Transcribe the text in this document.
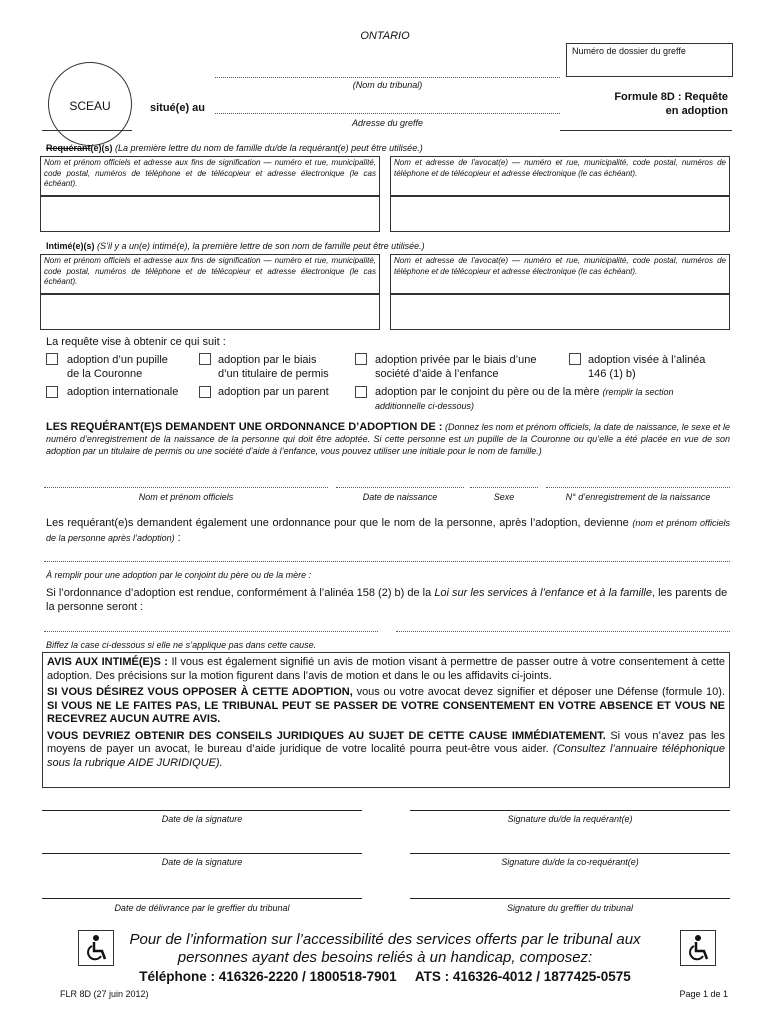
ONTARIO
Numéro de dossier du greffe
SCEAU
(Nom du tribunal)
situé(e) au
Adresse du greffe
Formule 8D : Requête
en adoption
Requérant(e)(s) (La première lettre du nom de famille du/de la requérant(e) peut être utilisée.)
Nom et prénom officiels et adresse aux fins de signification — numéro et rue, municipalité, code postal, numéros de téléphone et de télécopieur et adresse électronique (le cas échéant).
Nom et adresse de l'avocat(e) — numéro et rue, municipalité, code postal, numéros de téléphone et de télécopieur et adresse électronique (le cas échéant).
Intimé(e)(s) (S’il y a un(e) intimé(e), la première lettre de son nom de famille peut être utilisée.)
Nom et prénom officiels et adresse aux fins de signification — numéro et rue, municipalité, code postal, numéros de téléphone et de télécopieur et adresse électronique (le cas échéant).
Nom et adresse de l'avocat(e) — numéro et rue, municipalité, code postal, numéros de téléphone et de télécopieur et adresse électronique (le cas échéant).
La requête vise à obtenir ce qui suit :
adoption d’un pupille
de la Couronne
adoption par le biais
d’un titulaire de permis
adoption privée par le biais d’une
société d’aide à l’enfance
adoption visée à l’alinéa
146 (1) b)
adoption internationale	adoption par un parent	adoption par le conjoint du père ou de la mère (remplir la section
additionnelle ci-dessous)
LES REQUÉRANT(E)S DEMANDENT UNE ORDONNANCE D’ADOPTION DE : (Donnez les nom et prénom officiels, la date de naissance, le sexe et le numéro d’enregistrement de la naissance de la personne qui doit être adoptée. Si cette personne est un pupille de la Couronne ou qu’elle a été placée en vue de son adoption par un titulaire de permis ou une société d’aide à l’enfance, vous pouvez utiliser une initiale pour le nom de famille.)
Nom et prénom officiels	Date de naissance	Sexe	N° d’enregistrement de la naissance
Les requérant(e)s demandent également une ordonnance pour que le nom de la personne, après l’adoption, devienne (nom et prénom officiels de la personne après l’adoption) :
À remplir pour une adoption par le conjoint du père ou de la mère :
Si l’ordonnance d’adoption est rendue, conformément à l’alinéa 158 (2) b) de la Loi sur les services à l’enfance et à la famille, les parents de la personne seront :
Biffez la case ci-dessous si elle ne s’applique pas dans cette cause.
AVIS AUX INTIMÉ(E)S : Il vous est également signifié un avis de motion visant à permettre de passer outre à votre consentement à cette adoption. Des précisions sur la motion figurent dans l’avis de motion et dans le ou les affidavits ci-joints.
SI VOUS DÉSIREZ VOUS OPPOSER À CETTE ADOPTION, vous ou votre avocat devez signifier et déposer une Défense (formule 10). SI VOUS NE LE FAITES PAS, LE TRIBUNAL PEUT SE PASSER DE VOTRE CONSENTEMENT EN VOTRE ABSENCE ET VOUS NE RECEVREZ AUCUN AUTRE AVIS.
VOUS DEVRIEZ OBTENIR DES CONSEILS JURIDIQUES AU SUJET DE CETTE CAUSE IMMÉDIATEMENT. Si vous n’avez pas les moyens de payer un avocat, le bureau d’aide juridique de votre localité pourra peut-être vous aider. (Consultez l’annuaire téléphonique sous la rubrique AIDE JURIDIQUE).
Date de la signature	Signature du/de la requérant(e)
Date de la signature	Signature du/de la co-requérant(e)
Date de délivrance par le greffier du tribunal	Signature du greffier du tribunal
Pour de l’information sur l’accessibilité des services offerts par le tribunal aux
personnes ayant des besoins reliés à un handicap, composez:
Téléphone : 416326-2220 / 1800518-7901     ATS : 416326-4012 / 1877425-0575
FLR 8D (27 juin 2012)	Page 1 de 1
